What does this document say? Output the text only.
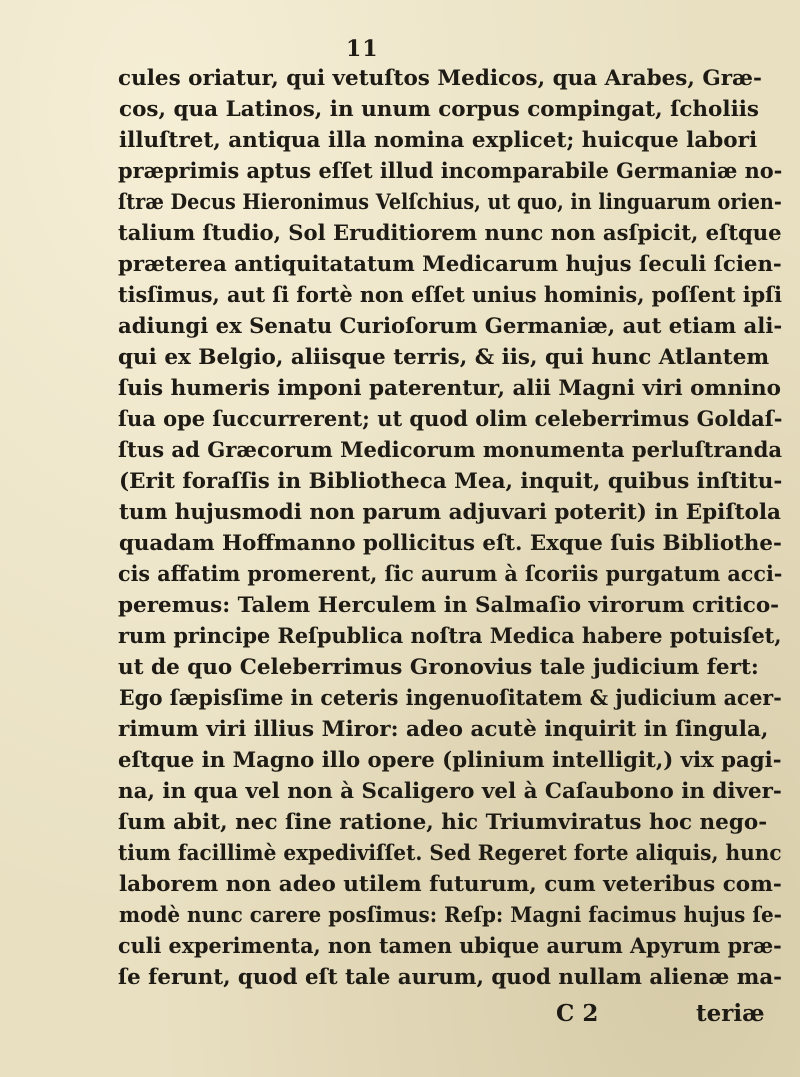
11
cules oriatur, qui vetuſtos Medicos, qua Arabes, Græ-
cos, qua Latinos, in unum corpus compingat, ſcholiis
illuſtret, antiqua illa nomina explicet; huicque labori
præprimis aptus eſſet illud incomparabile Germaniæ no-
ſtræ Decus Hieronimus Velſchius, ut quo, in linguarum orien-
talium ſtudio, Sol Eruditiorem nunc non asſpicit, eſtque
præterea antiquitatatum Medicarum hujus ſeculi ſcien-
tisſimus, aut ſi fortè non eſſet unius hominis, poſſent ipſi
adiungi ex Senatu Curioſorum Germaniæ, aut etiam ali-
qui ex Belgio, aliisque terris, & iis, qui hunc Atlantem
ſuis humeris imponi paterentur, alii Magni viri omnino
ſua ope ſuccurrerent; ut quod olim celeberrimus Goldaſ-
ſtus ad Græcorum Medicorum monumenta perluſtranda
(Erit foraſſis in Bibliotheca Mea, inquit, quibus inſtitu-
tum hujusmodi non parum adjuvari poterit) in Epiſtola
quadam Hoffmanno pollicitus eſt. Exque ſuis Bibliothe-
cis affatim promerent, ſic aurum à ſcoriis purgatum acci-
peremus: Talem Herculem in Salmaſio virorum critico-
rum principe Reſpublica noſtra Medica habere potuisſet,
ut de quo Celeberrimus Gronovius tale judicium fert:
Ego ſæpisſime in ceteris ingenuoſitatem & judicium acer-
rimum viri illius Miror: adeo acutè inquirit in ſingula,
eſtque in Magno illo opere (plinium intelligit,) vix pagi-
na, in qua vel non à Scaligero vel à Caſaubono in diver-
ſum abit, nec ſine ratione, hic Triumviratus hoc nego-
tium facillimè expediviſſet. Sed Regeret forte aliquis, hunc
laborem non adeo utilem futurum, cum veteribus com-
modè nunc carere posſimus: Reſp: Magni facimus hujus ſe-
culi experimenta, non tamen ubique aurum Apyrum præ-
ſe ferunt, quod eſt tale aurum, quod nullam alienæ ma-
C 2	teriæ
